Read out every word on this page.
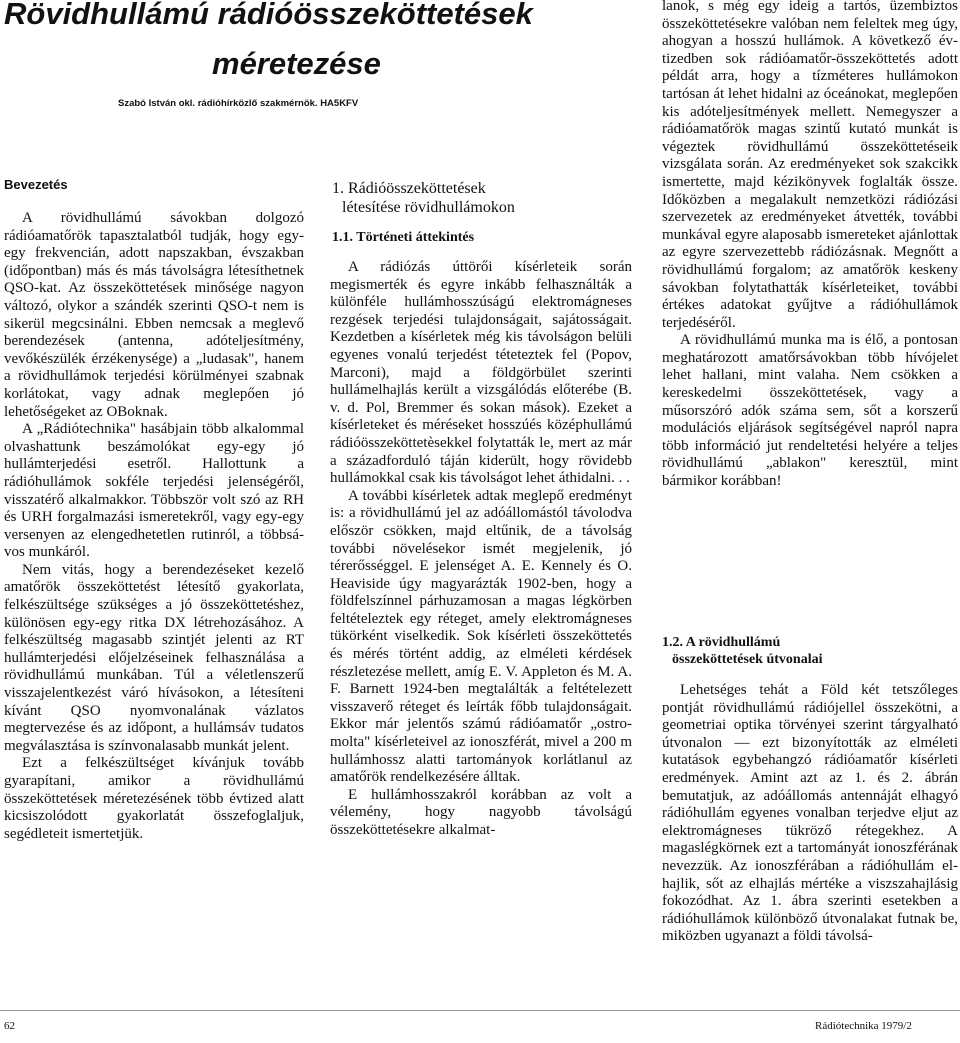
Rövidhullámú rádióösszeköttetések
méretezése
Szabó István okl. rádióhírközlő szakmérnök. HA5KFV
Bevezetés

A rövidhullámú sávokban dolgozó rádióamatőrök tapasztalatból tudják, hogy egy-egy frekvencián, adott napszakban, évszakban (időpontban) más és más távolságra létesíthetnek QSO-kat. Az összeköttetések minősége nagyon változó, olykor a szándék szerinti QSO-t nem is sikerül megcsinálni. Ebben nemcsak a meglevő berendezések (antenna, adóteljesítmény, vevőkészülék érzékenysége) a „ludasak", hanem a rövidhullámok terjedési körülményei szabnak korlátokat, vagy adnak meglepően jó lehetőségeket az OBoknak.

A „Rádiótechnika" hasábjain több alkalommal olvashattunk beszámolókat egy-egy jó hullámterjedési esetről. Hallottunk a rádióhullámok sokféle terjedési jelenségéről, visszatérő alkalmakkor. Többször volt szó az RH és URH forgalmazási ismeretekről, vagy egy-egy versenyen az elengedhetetlen rutinról, a többsávos munkáról.

Nem vitás, hogy a berendezéseket kezelő amatőrök összeköttetést létesítő gyakorlata, felkészültsége szükséges a jó összeköttetéshez, különösen egy-egy ritka DX létrehozásához. A felkészültség magasabb szintjét jelenti az RT hullámterjedési előjelzéseinek felhasználása a rövidhullámú munkában. Túl a véletlenszerű visszajelentkezést váró hívásokon, a létesíteni kívánt QSO nyomvonalának vázlatos megtervezése és az időpont, a hullámsáv tudatos megválasztása is színvonalasabb munkát jelent.

Ezt a felkészültséget kívánjuk tovább gyarapítani, amikor a rövidhullámú összeköttetések méretezésének több évtized alatt kicsiszolódott gyakorlatát összefoglaljuk, segédleteit ismertetjük.

1. Rádióösszeköttetések
létesítése rövidhullámokon
1.1. Történeti áttekintés

A rádiózás úttörői kísérleteik során megismerték és egyre inkább felhasználták a különféle hullámhosszúságú elektromágneses rezgések terjedési tulajdonságait, sajátosságait. Kezdetben a kísérletek még kis távolságon belüli egyenes vonalú terjedést téteteztek fel (Popov, Marconi), majd a földgörbület szerinti hullámelhajlás került a vizsgálódás előterébe (B. v. d. Pol, Bremmer és sokan mások). Ezeket a kísérleteket és méréseket hosszúés középhullámú rádióösszeköttetèsekkel folytatták le, mert az már a századforduló táján kiderült, hogy rövidebb hullámokkal csak kis távolságot lehet áthidalni. . .

A további kísérletek adtak meglepő eredményt is: a rövidhullámú jel az adóállomástól távolodva először csökken, majd eltűnik, de a távolság további növelésekor ismét megjelenik, jó térerősséggel. E jelenséget A. E. Kennely és O. Heaviside úgy magyarázták 1902-ben, hogy a földfelszínnel párhuzamosan a magas légkörben feltételeztek egy réteget, amely elektromágneses tükörként viselkedik. Sok kísérleti összeköttetés és mérés történt addig, az elméleti kérdések részletezése mellett, amíg E. V. Appleton és M. A. F. Barnett 1924-ben megtalálták a feltételezett visszaverő réteget és leírták főbb tulajdonságait. Ekkor már jelentős számú rádióamatőr „ostromolta" kísérleteivel az ionoszférát, mivel a 200 m hullámhossz alatti tartományok korlátlanul az amatőrök rendelkezésére álltak.

E hullámhosszakról korábban az volt a vélemény, hogy nagyobb távolságú összeköttetésekre alkalmat-

lanok, s még egy ideig a tartós, üzembiztos összeköttetésekre valóban nem feleltek meg úgy, ahogyan a hosszú hullámok. A következő évtizedben sok rádióamatőr-összeköttetés adott példát arra, hogy a tízméteres hullámokon tartósan át lehet hidalni az óceánokat, meglepően kis adóteljesítmények mellett. Nemegyszer a rádióamatőrök magas szintű kutató munkát is végeztek rövidhullámú összeköttetéseik vizsgálata során. Az eredményeket sok szakcikk ismertette, majd kézikönyvek foglalták össze. Időközben a megalakult nemzetközi rádiózási szervezetek az eredményeket átvették, további munkával egyre alaposabb ismereteket ajánlottak az egyre szervezettebb rádiózásnak. Megnőtt a rövidhullámú forgalom; az amatőrök keskeny sávokban folytathatták kísérleteiket, további értékes adatokat gyűjtve a rádióhullámok terjedéséről.

A rövidhullámú munka ma is élő, a pontosan meghatározott amatőrsávokban több hívójelet lehet hallani, mint valaha. Nem csökken a kereskedelmi összeköttetések, vagy a műsorszóró adók száma sem, sőt a korszerű modulációs eljárások segítségével napról napra több információ jut rendeltetési helyére a teljes rövidhullámú „ablakon" keresztül, mint bármikor korábban!

1.2. A rövidhullámú
összeköttetések útvonalai

Lehetséges tehát a Föld két tetszőleges pontját rövidhullámú rádiójellel összekötni, a geometriai optika törvényei szerint tárgyalható útvonalon — ezt bizonyították az elméleti kutatások egybehangzó rádióamatőr kísérleti eredmények. Amint azt az 1. és 2. ábrán bemutatjuk, az adóállomás antennáját elhagyó rádióhullám egyenes vonalban terjedve eljut az elektromágneses tükröző rétegekhez. A magaslégkörnek ezt a tartományát ionoszférának nevezzük. Az ionoszférában a rádióhullám elhajlik, sőt az elhajlás mértéke a viszszahajlásig fokozódhat. Az 1. ábra szerinti esetekben a rádióhullámok különböző útvonalakat futnak be, miközben ugyanazt a földi távolsá-

62	Rádiótechnika 1979/2
